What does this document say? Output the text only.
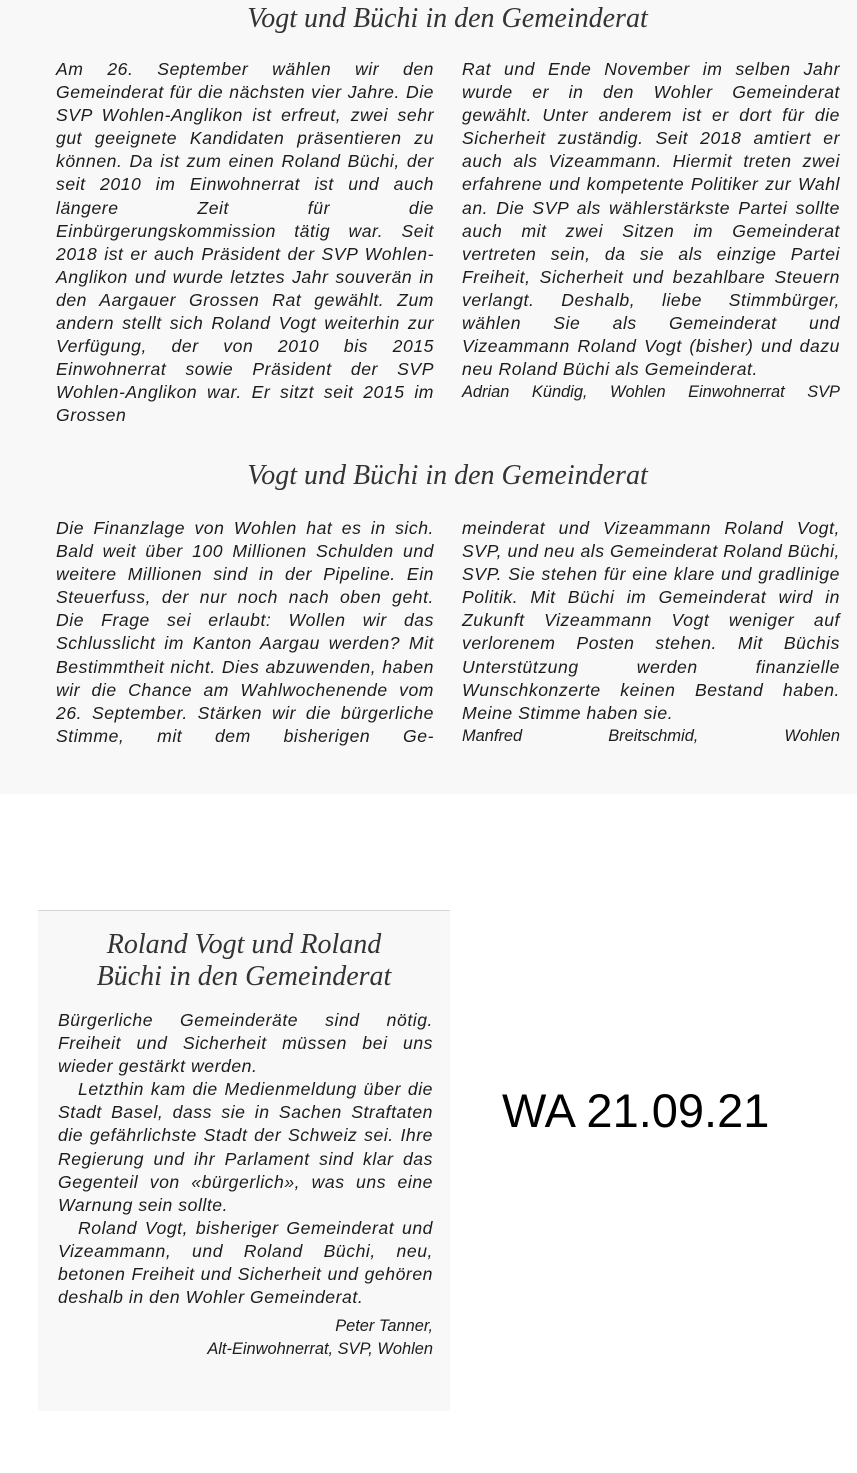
Vogt und Büchi in den Gemeinderat

Am 26. September wählen wir den Gemeinderat für die nächsten vier Jahre. Die SVP Wohlen-Anglikon ist erfreut, zwei sehr gut geeignete Kandidaten präsentieren zu können. Da ist zum einen Roland Büchi, der seit 2010 im Einwohnerrat ist und auch längere Zeit für die Einbürgerungskommission tätig war. Seit 2018 ist er auch Präsident der SVP Wohlen-Anglikon und wurde letztes Jahr souverän in den Aargauer Grossen Rat gewählt. Zum andern stellt sich Roland Vogt weiterhin zur Verfügung, der von 2010 bis 2015 Einwohnerrat sowie Präsident der SVP Wohlen-Anglikon war. Er sitzt seit 2015 im Grossen

Rat und Ende November im selben Jahr wurde er in den Wohler Gemeinderat gewählt. Unter anderem ist er dort für die Sicherheit zuständig. Seit 2018 amtiert er auch als Vizeammann. Hiermit treten zwei erfahrene und kompetente Politiker zur Wahl an. Die SVP als wählerstärkste Partei sollte auch mit zwei Sitzen im Gemeinderat vertreten sein, da sie als einzige Partei Freiheit, Sicherheit und bezahlbare Steuern verlangt. Deshalb, liebe Stimmbürger, wählen Sie als Gemeinderat und Vizeammann Roland Vogt (bisher) und dazu neu Roland Büchi als Gemeinderat.

Adrian Kündig, Wohlen Einwohnerrat SVP
Vogt und Büchi in den Gemeinderat

Die Finanzlage von Wohlen hat es in sich. Bald weit über 100 Millionen Schulden und weitere Millionen sind in der Pipeline. Ein Steuerfuss, der nur noch nach oben geht. Die Frage sei erlaubt: Wollen wir das Schlusslicht im Kanton Aargau werden? Mit Bestimmtheit nicht. Dies abzuwenden, haben wir die Chance am Wahlwochenende vom 26. September. Stärken wir die bürgerliche Stimme, mit dem bisherigen Ge-

meinderat und Vizeammann Roland Vogt, SVP, und neu als Gemeinderat Roland Büchi, SVP. Sie stehen für eine klare und gradlinige Politik. Mit Büchi im Gemeinderat wird in Zukunft Vizeammann Vogt weniger auf verlorenem Posten stehen. Mit Büchis Unterstützung werden finanzielle Wunschkonzerte keinen Bestand haben. Meine Stimme haben sie.

Manfred Breitschmid, Wohlen
Roland Vogt und Roland
Büchi in den Gemeinderat

Bürgerliche Gemeinderäte sind nötig. Freiheit und Sicherheit müssen bei uns wieder gestärkt werden.

Letzthin kam die Medienmeldung über die Stadt Basel, dass sie in Sachen Straftaten die gefährlichste Stadt der Schweiz sei. Ihre Regierung und ihr Parlament sind klar das Gegenteil von «bürgerlich», was uns eine Warnung sein sollte.

Roland Vogt, bisheriger Gemeinderat und Vizeammann, und Roland Büchi, neu, betonen Freiheit und Sicherheit und gehören deshalb in den Wohler Gemeinderat.

Peter Tanner,
Alt-Einwohnerrat, SVP, Wohlen
WA 21.09.21
